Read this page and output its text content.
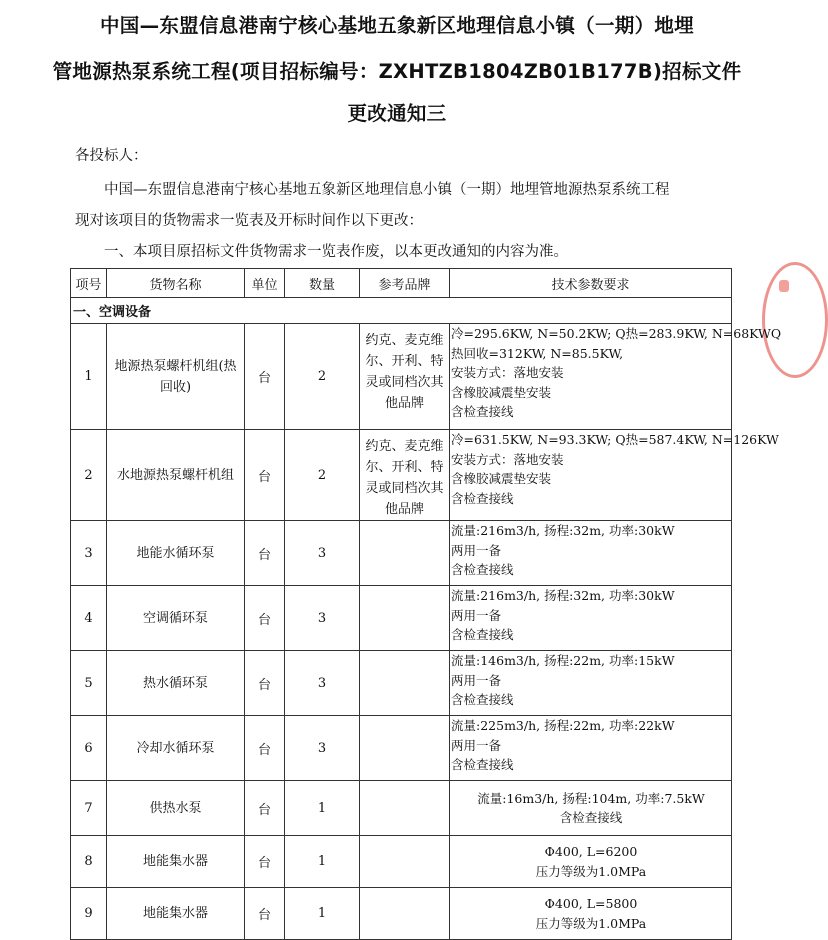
中国—东盟信息港南宁核心基地五象新区地理信息小镇（一期）地埋
管地源热泵系统工程(项目招标编号：ZXHTZB1804ZB01B177B)招标文件
更改通知三
各投标人：
中国—东盟信息港南宁核心基地五象新区地理信息小镇（一期）地埋管地源热泵系统工程
现对该项目的货物需求一览表及开标时间作以下更改：
一、本项目原招标文件货物需求一览表作废，以本更改通知的内容为准。
项号	货物名称	单位	数量	参考品牌	技术参数要求
一、空调设备					
1	地源热泵螺杆机组(热回收)	台	2	约克、麦克维尔、开利、特灵或同档次其他品牌	冷=295.6KW, N=50.2KW; Q热=283.9KW, N=68KWQ
热回收=312KW, N=85.5KW,
安装方式：落地安装
含橡胶减震垫安装
含检查接线

2	水地源热泵螺杆机组	台	2	约克、麦克维尔、开利、特灵或同档次其他品牌	冷=631.5KW, N=93.3KW; Q热=587.4KW, N=126KW
安装方式：落地安装
含橡胶减震垫安装
含检查接线

3	地能水循环泵	台	3		流量:216m3/h, 扬程:32m, 功率:30kW
两用一备
含检查接线

4	空调循环泵	台	3		流量:216m3/h, 扬程:32m, 功率:30kW
两用一备
含检查接线

5	热水循环泵	台	3		流量:146m3/h, 扬程:22m, 功率:15kW
两用一备
含检查接线

6	冷却水循环泵	台	3		流量:225m3/h, 扬程:22m, 功率:22kW
两用一备
含检查接线

7	供热水泵	台	1		流量:16m3/h, 扬程:104m, 功率:7.5kW
含检查接线

8	地能集水器	台	1		Φ400, L=6200
压力等级为1.0MPa

9	地能集水器	台	1		Φ400, L=5800
压力等级为1.0MPa
